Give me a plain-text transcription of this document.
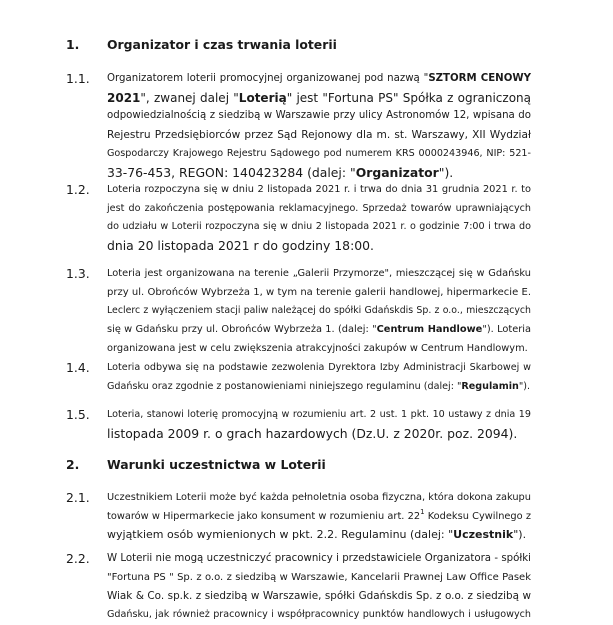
1. Organizator i czas trwania loterii
1.1. Organizatorem loterii promocyjnej organizowanej pod nazwą "SZTORM CENOWY
2021", zwanej dalej "Loterią" jest "Fortuna PS" Spółka z ograniczoną
odpowiedzialnością z siedzibą w Warszawie przy ulicy Astronomów 12, wpisana do
Rejestru Przedsiębiorców przez Sąd Rejonowy dla m. st. Warszawy, XII Wydział
Gospodarczy Krajowego Rejestru Sądowego pod numerem KRS 0000243946, NIP: 521-
33-76-453, REGON: 140423284 (dalej: "Organizator").
1.2. Loteria rozpoczyna się w dniu 2 listopada 2021 r. i trwa do dnia 31 grudnia 2021 r. to
jest do zakończenia postępowania reklamacyjnego. Sprzedaż towarów uprawniających
do udziału w Loterii rozpoczyna się w dniu 2 listopada 2021 r. o godzinie 7:00 i trwa do
dnia 20 listopada 2021 r do godziny 18:00.
1.3. Loteria jest organizowana na terenie „Galerii Przymorze", mieszczącej się w Gdańsku
przy ul. Obrońców Wybrzeża 1, w tym na terenie galerii handlowej, hipermarkecie E.
Leclerc z wyłączeniem stacji paliw należącej do spółki Gdańskdis Sp. z o.o., mieszczących
się w Gdańsku przy ul. Obrońców Wybrzeża 1. (dalej: "Centrum Handlowe"). Loteria
organizowana jest w celu zwiększenia atrakcyjności zakupów w Centrum Handlowym.
1.4. Loteria odbywa się na podstawie zezwolenia Dyrektora Izby Administracji Skarbowej w
Gdańsku oraz zgodnie z postanowieniami niniejszego regulaminu (dalej: "Regulamin").
1.5. Loteria, stanowi loterię promocyjną w rozumieniu art. 2 ust. 1 pkt. 10 ustawy z dnia 19
listopada 2009 r. o grach hazardowych (Dz.U. z 2020r. poz. 2094).
2. Warunki uczestnictwa w Loterii
2.1. Uczestnikiem Loterii może być każda pełnoletnia osoba fizyczna, która dokona zakupu
towarów w Hipermarkecie jako konsument w rozumieniu art. $22^1$ Kodeksu Cywilnego z
wyjątkiem osób wymienionych w pkt. 2.2. Regulaminu (dalej: "Uczestnik").
2.2. W Loterii nie mogą uczestniczyć pracownicy i przedstawiciele Organizatora - spółki
"Fortuna PS " Sp. z o.o. z siedzibą w Warszawie, Kancelarii Prawnej Law Office Pasek
Wiak & Co. sp.k. z siedzibą w Warszawie, spółki Gdańskdis Sp. z o.o. z siedzibą w
Gdańsku, jak również pracownicy i współpracownicy punktów handlowych i usługowych
